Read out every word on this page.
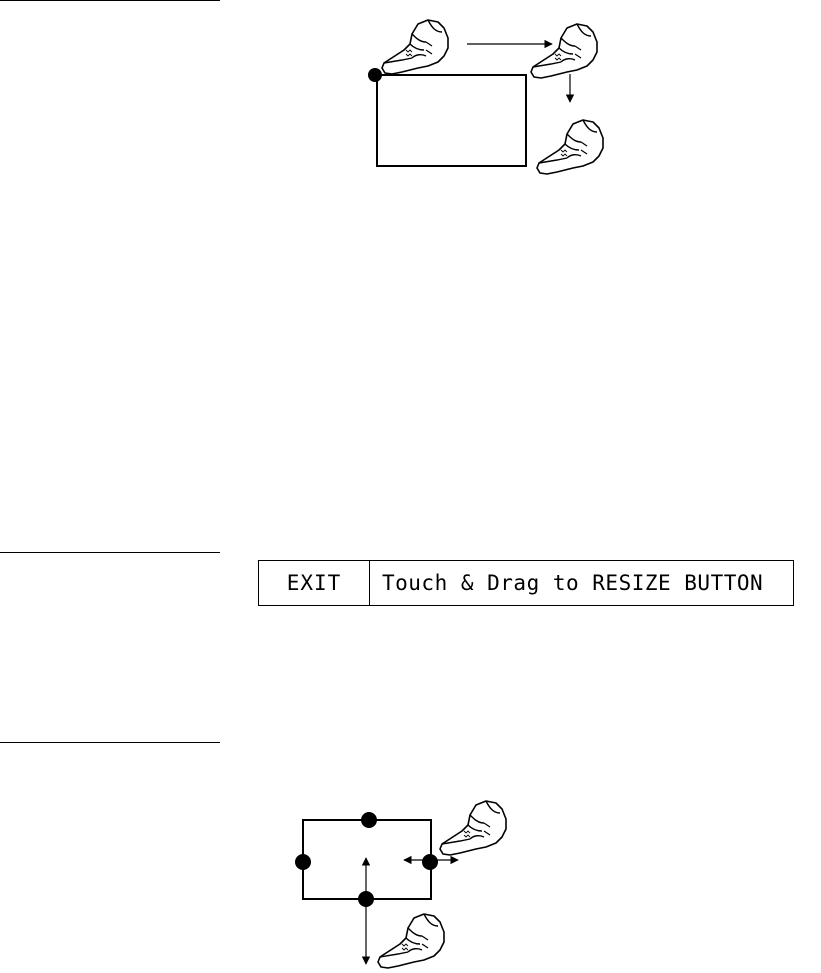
EXIT	Touch & Drag to RESIZE BUTTON
